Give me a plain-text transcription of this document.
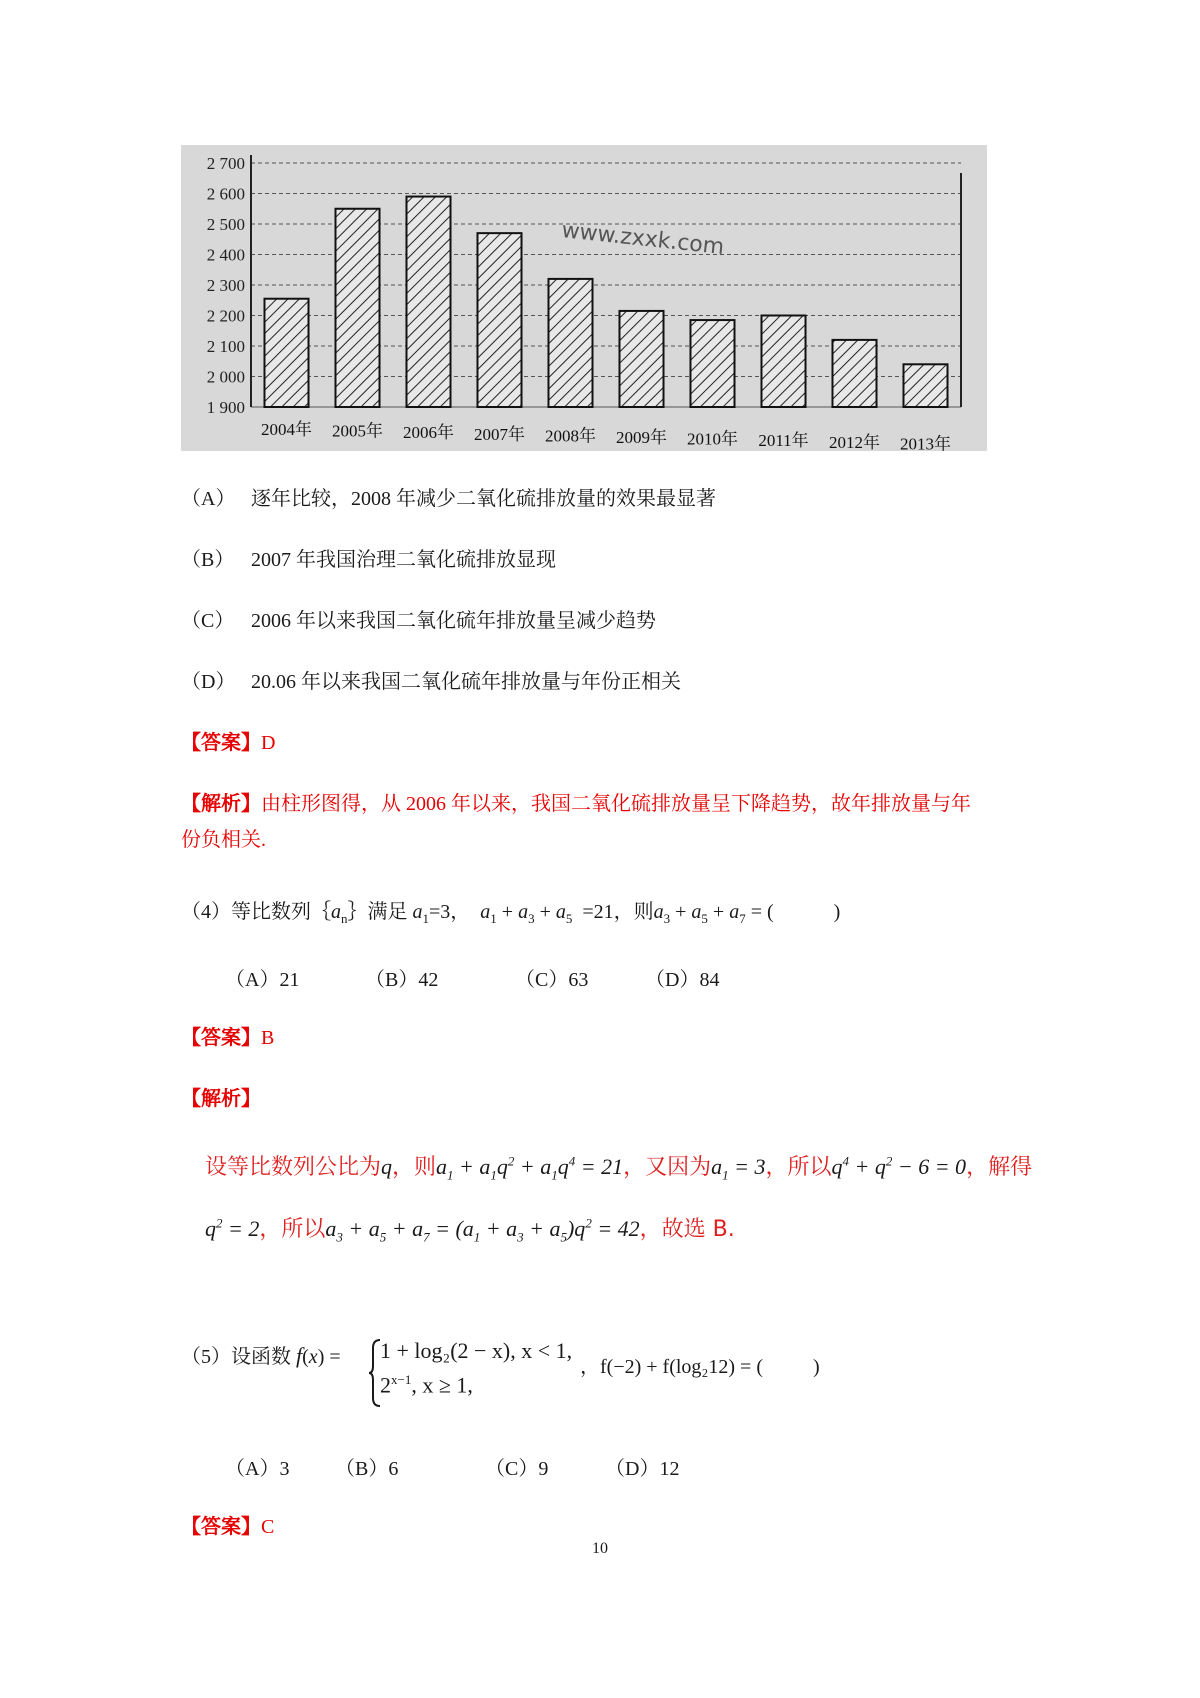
1 900
2 000
2 100
2 200
2 300
2 400
2 500
2 600
2 700
2004年 2005年 2006年 2007年 2008年 2009年 2010年 2011年 2012年 2013年
www.zxxk.com
（A） 逐年比较，2008 年减少二氧化硫排放量的效果最显著
（B） 2007 年我国治理二氧化硫排放显现
（C） 2006 年以来我国二氧化硫年排放量呈减少趋势
（D） 20.06 年以来我国二氧化硫年排放量与年份正相关
【答案】D
【解析】由柱形图得，从 2006 年以来，我国二氧化硫排放量呈下降趋势，故年排放量与年
份负相关.
（4）等比数列$\{a_n\}$满足 $a_1=3$， $a_1 + a_3 + a_5 =21$，则$a_3 + a_5 + a_7$ = (	)
（A）21	（B）42	（C）63	（D）84
【答案】B
【解析】
设等比数列公比为q，则$a_1 + a_1q^2 + a_1q^4 = 21$，又因为$a_1 = 3$，所以$q^4 + q^2 - 6 = 0$，解得
$q^2 = 2$，所以$a_3 + a_5 + a_7 = (a_1 + a_3 + a_5)q^2 = 42$，故选 B.
（5）设函数 f(x) = 1 + log₂(2 − x), x < 1,
$2^{x-1}$, x ≥ 1,
，f(−2) + f(log₂12) = (	)
（A）3 （B）6	（C）9	（D）12
【答案】C
10
